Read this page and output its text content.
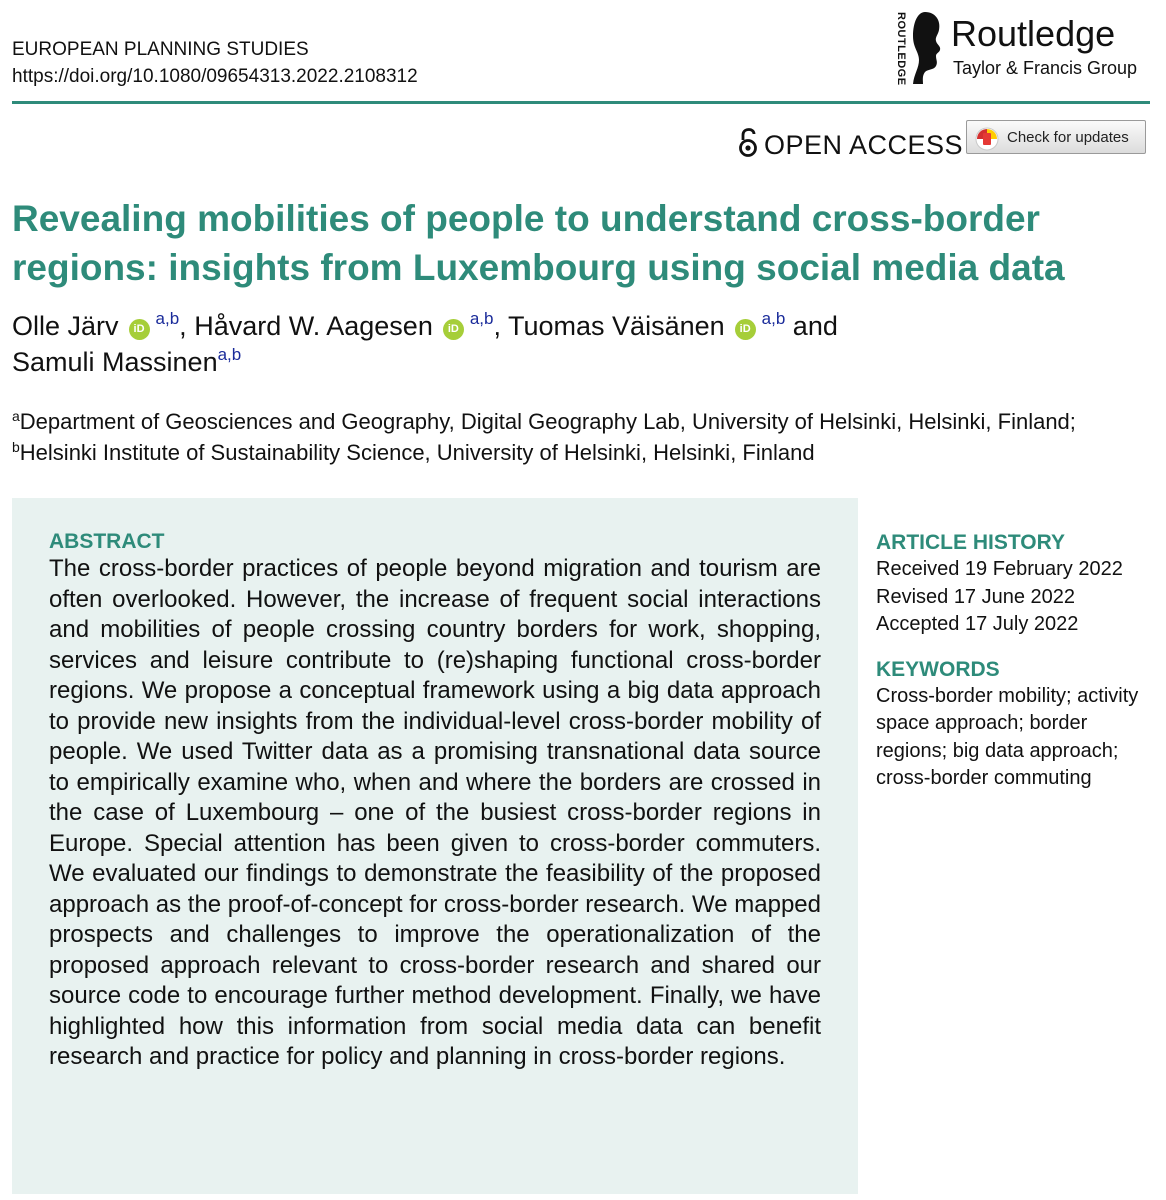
EUROPEAN PLANNING STUDIES
https://doi.org/10.1080/09654313.2022.2108312	ROUTLEDGE Routledge
Taylor & Francis Group
OPEN ACCESS	Check for updates
Revealing mobilities of people to understand cross-border regions: insights from Luxembourg using social media data
Olle Järv iD$^{a,b}$, Håvard W. Aagesen iD$^{a,b}$, Tuomas Väisänen iD$^{a,b}$ and
Samuli Massinen$^{a,b}$
$^a$Department of Geosciences and Geography, Digital Geography Lab, University of Helsinki, Helsinki, Finland;
$^b$Helsinki Institute of Sustainability Science, University of Helsinki, Helsinki, Finland
ABSTRACT

The cross-border practices of people beyond migration and tourism are often overlooked. However, the increase of frequent social interactions and mobilities of people crossing country borders for work, shopping, services and leisure contribute to (re)shaping functional cross-border regions. We propose a conceptual framework using a big data approach to provide new insights from the individual-level cross-border mobility of people. We used Twitter data as a promising transnational data source to empirically examine who, when and where the borders are crossed in the case of Luxembourg – one of the busiest cross-border regions in Europe. Special attention has been given to cross-border commuters. We evaluated our findings to demonstrate the feasibility of the proposed approach as the proof-of-concept for cross-border research. We mapped prospects and challenges to improve the operationalization of the proposed approach relevant to cross-border research and shared our source code to encourage further method development. Finally, we have highlighted how this information from social media data can benefit research and practice for policy and planning in cross-border regions.

ARTICLE HISTORY
Received 19 February 2022
Revised 17 June 2022
Accepted 17 July 2022
KEYWORDS
Cross-border mobility; activity space approach; border regions; big data approach; cross-border commuting
